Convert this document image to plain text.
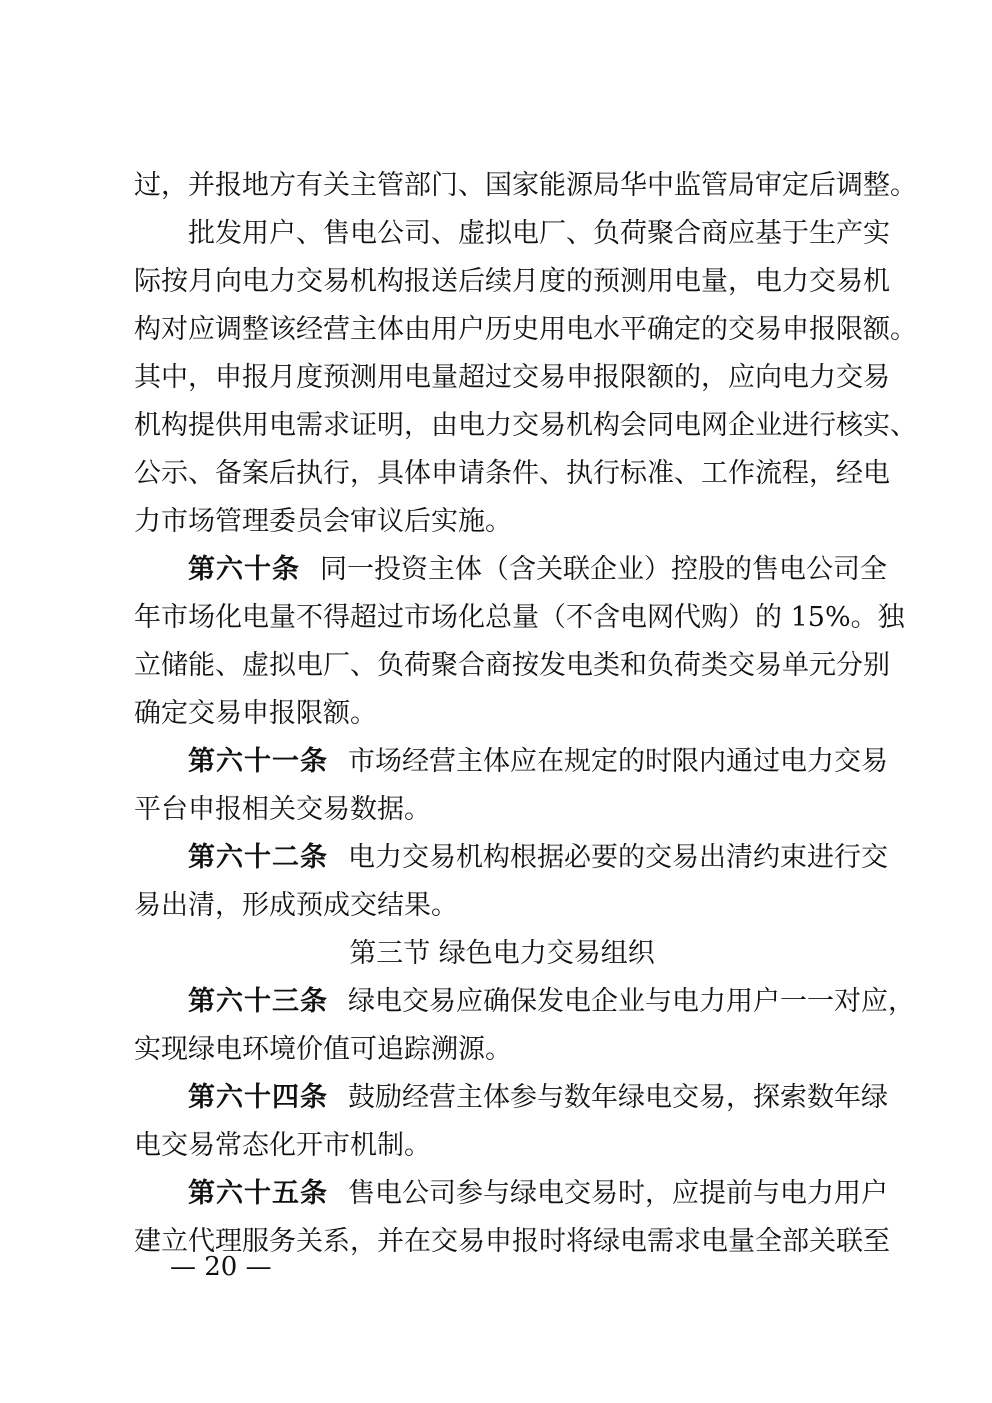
过，并报地方有关主管部门、国家能源局华中监管局审定后调整。
批发用户、售电公司、虚拟电厂、负荷聚合商应基于生产实
际按月向电力交易机构报送后续月度的预测用电量，电力交易机
构对应调整该经营主体由用户历史用电水平确定的交易申报限额。
其中，申报月度预测用电量超过交易申报限额的，应向电力交易
机构提供用电需求证明，由电力交易机构会同电网企业进行核实、
公示、备案后执行，具体申请条件、执行标准、工作流程，经电
力市场管理委员会审议后实施。
第六十条 同一投资主体（含关联企业）控股的售电公司全
年市场化电量不得超过市场化总量（不含电网代购）的 15%。独
立储能、虚拟电厂、负荷聚合商按发电类和负荷类交易单元分别
确定交易申报限额。
第六十一条 市场经营主体应在规定的时限内通过电力交易
平台申报相关交易数据。
第六十二条 电力交易机构根据必要的交易出清约束进行交
易出清，形成预成交结果。
第三节 绿色电力交易组织
第六十三条 绿电交易应确保发电企业与电力用户一一对应，
实现绿电环境价值可追踪溯源。
第六十四条 鼓励经营主体参与数年绿电交易，探索数年绿
电交易常态化开市机制。
第六十五条 售电公司参与绿电交易时，应提前与电力用户
建立代理服务关系，并在交易申报时将绿电需求电量全部关联至
— 20 —
